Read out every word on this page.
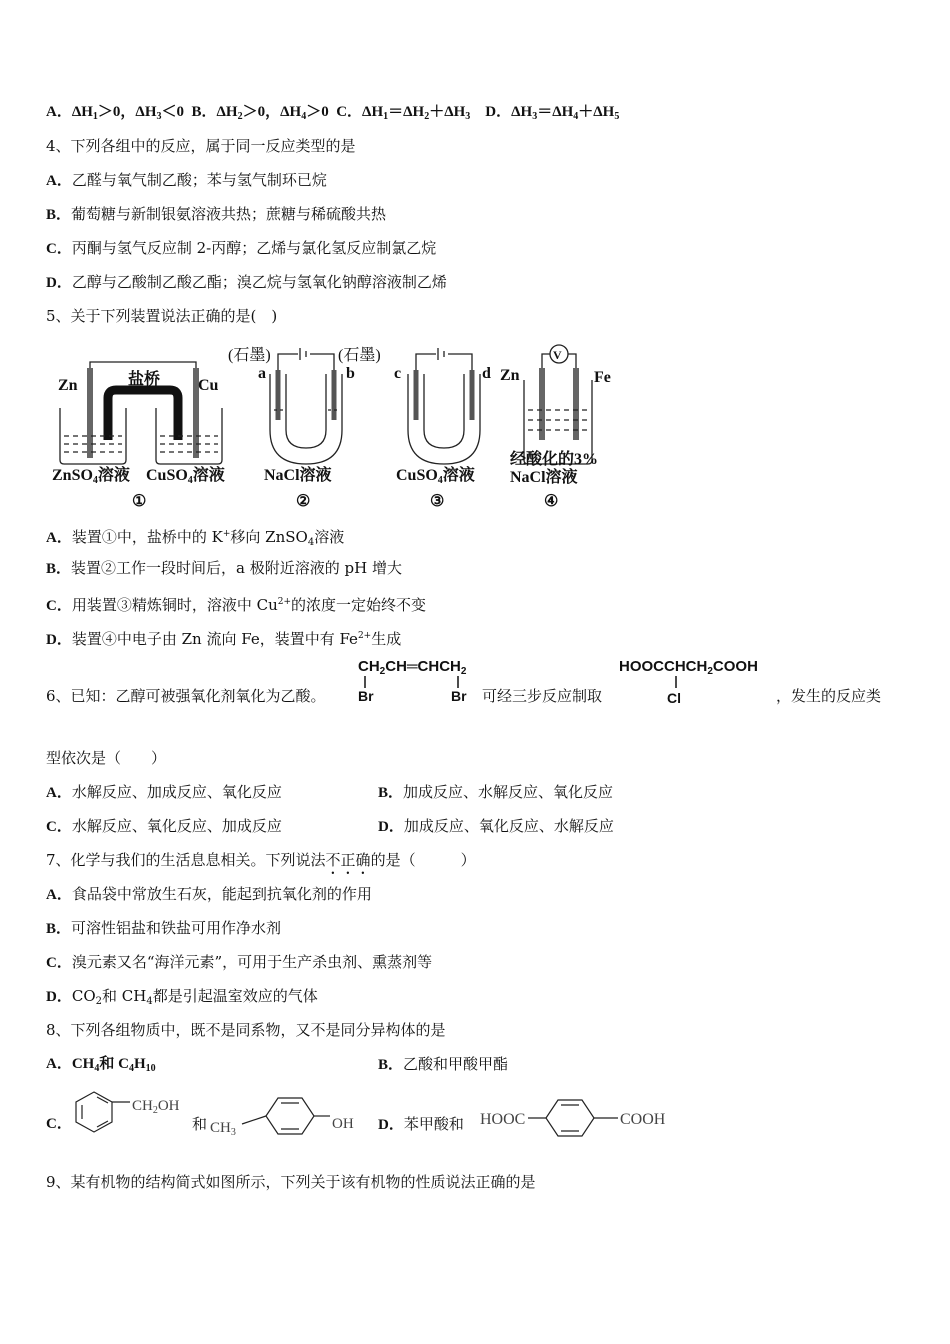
A．$\Delta H_1>0$，$\Delta H_3<0$ B．$\Delta H_2>0$，$\Delta H_4>0$ C．$\Delta H_1=\Delta H_2+\Delta H_3$ D．$\Delta H_3=\Delta H_4+\Delta H_5$
4、下列各组中的反应，属于同一反应类型的是
A．乙醛与氧气制乙酸；苯与氢气制环已烷
B．葡萄糖与新制银氨溶液共热；蔗糖与稀硫酸共热
C．丙酮与氢气反应制 2-丙醇；乙烯与氯化氢反应制氯乙烷
D．乙醇与乙酸制乙酸乙酯；溴乙烷与氢氧化钠醇溶液制乙烯
5、关于下列装置说法正确的是(　)
Zn	Cu
盐桥
ZnSO4溶液 CuSO4溶液
①
(石墨)	(石墨)
a	b
NaCl溶液
②
c	d
CuSO4溶液
③
Zn	Fe
V
经酸化的3%
NaCl溶液
④
A．装置①中，盐桥中的 K+移向 ZnSO$_4$溶液
B．装置②工作一段时间后，a 极附近溶液的 pH 增大
C．用装置③精炼铜时，溶液中 $Cu^{2+}$的浓度一定始终不变
D．装置④中电子由 Zn 流向 Fe，装置中有 $Fe^{2+}$生成
6、已知：乙醇可被强氧化剂氧化为乙酸。
$CH_2CH═CHCH_2$
Br	Br 可经三步反应制取
$HOOCCHCH_2COOH$
Cl	，发生的反应类
型依次是（　　）
A．水解反应、加成反应、氧化反应	B．加成反应、水解反应、氧化反应
C．水解反应、氧化反应、加成反应	D．加成反应、氧化反应、水解反应
7、化学与我们的生活息息相关。下列说法不正确的是（　　　）
A．食品袋中常放生石灰，能起到抗氧化剂的作用
B．可溶性铝盐和铁盐可用作净水剂
C．溴元素又名“海洋元素”，可用于生产杀虫剂、熏蒸剂等
D．$CO_2$和 $CH_4$都是引起温室效应的气体
8、下列各组物质中，既不是同系物，又不是同分异构体的是
A．$CH_4$和 $C_4H_{10}$	B．乙酸和甲酸甲酯
C．
$CH_2OH$
和 $CH_3$
OH D．苯甲酸和 HOOC	COOH
9、某有机物的结构简式如图所示，下列关于该有机物的性质说法正确的是
